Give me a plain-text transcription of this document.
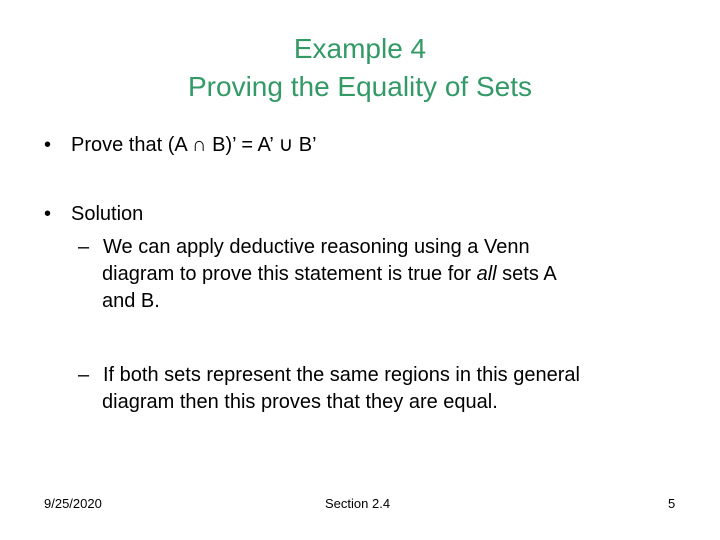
Example 4
Proving the Equality of Sets
• Prove that (A ∩ B)’ = A’ ∪ B’
• Solution
– We can apply deductive reasoning using a Venn
diagram to prove this statement is true for all sets A
and B.
– If both sets represent the same regions in this general
diagram then this proves that they are equal.
9/25/2020	Section 2.4	5
